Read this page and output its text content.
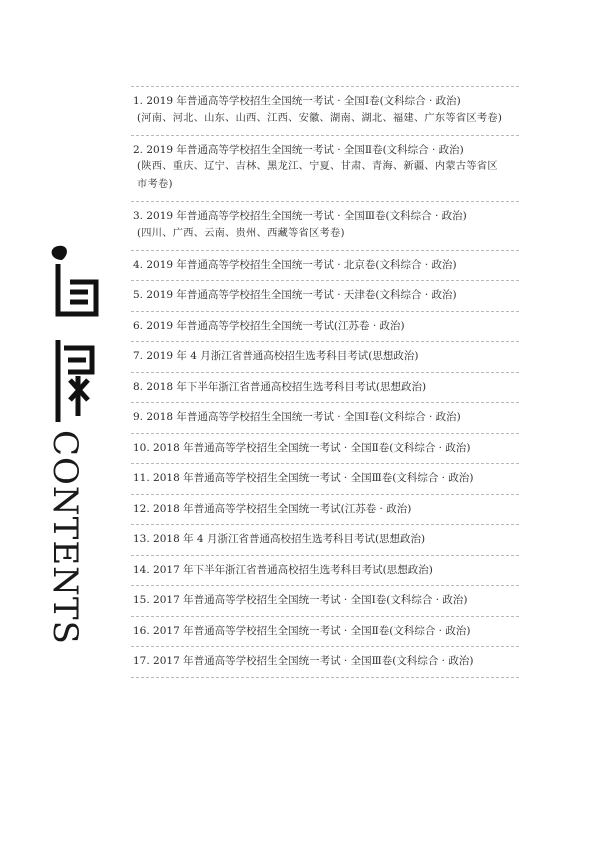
CONTENTS
1. 2019 年普通高等学校招生全国统一考试 · 全国Ⅰ卷(文科综合 · 政治)
(河南、河北、山东、山西、江西、安徽、湖南、湖北、福建、广东等省区考卷)
2. 2019 年普通高等学校招生全国统一考试 · 全国Ⅱ卷(文科综合 · 政治)
(陕西、重庆、辽宁、吉林、黑龙江、宁夏、甘肃、青海、新疆、内蒙古等省区
市考卷)
3. 2019 年普通高等学校招生全国统一考试 · 全国Ⅲ卷(文科综合 · 政治)
(四川、广西、云南、贵州、西藏等省区考卷)
4. 2019 年普通高等学校招生全国统一考试 · 北京卷(文科综合 · 政治)
5. 2019 年普通高等学校招生全国统一考试 · 天津卷(文科综合 · 政治)
6. 2019 年普通高等学校招生全国统一考试(江苏卷 · 政治)
7. 2019 年 4 月浙江省普通高校招生选考科目考试(思想政治)
8. 2018 年下半年浙江省普通高校招生选考科目考试(思想政治)
9. 2018 年普通高等学校招生全国统一考试 · 全国Ⅰ卷(文科综合 · 政治)
10. 2018 年普通高等学校招生全国统一考试 · 全国Ⅱ卷(文科综合 · 政治)
11. 2018 年普通高等学校招生全国统一考试 · 全国Ⅲ卷(文科综合 · 政治)
12. 2018 年普通高等学校招生全国统一考试(江苏卷 · 政治)
13. 2018 年 4 月浙江省普通高校招生选考科目考试(思想政治)
14. 2017 年下半年浙江省普通高校招生选考科目考试(思想政治)
15. 2017 年普通高等学校招生全国统一考试 · 全国Ⅰ卷(文科综合 · 政治)
16. 2017 年普通高等学校招生全国统一考试 · 全国Ⅱ卷(文科综合 · 政治)
17. 2017 年普通高等学校招生全国统一考试 · 全国Ⅲ卷(文科综合 · 政治)
